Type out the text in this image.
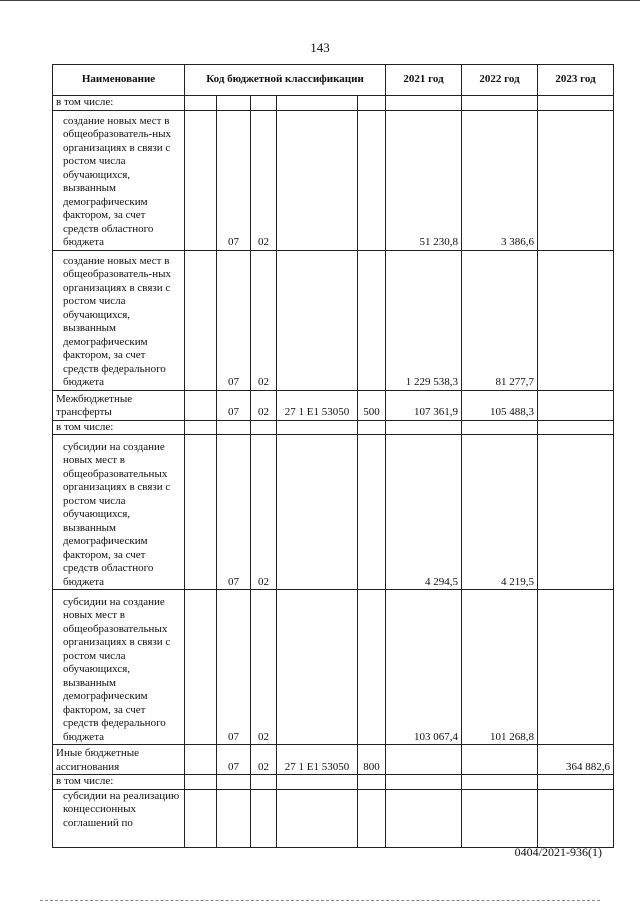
143
Наименование	Код бюджетной классификации					2021 год	2022 год	2023 год
в том числе:								
создание новых мест в общеобразователь-ных организациях в связи с ростом числа обучающихся, вызванным демографическим фактором, за счет средств областного бюджета		07	02			51 230,8	3 386,6	
создание новых мест в общеобразователь-ных организациях в связи с ростом числа обучающихся, вызванным демографическим фактором, за счет средств федерального бюджета		07	02			1 229 538,3	81 277,7	
Межбюджетные трансферты		07	02	27 1 E1 53050	500	107 361,9	105 488,3	
в том числе:								
субсидии на создание новых мест в общеобразовательных организациях в связи с ростом числа обучающихся, вызванным демографическим фактором, за счет средств областного бюджета		07	02			4 294,5	4 219,5	
субсидии на создание новых мест в общеобразовательных организациях в связи с ростом числа обучающихся, вызванным демографическим фактором, за счет средств федерального бюджета		07	02			103 067,4	101 268,8	
Иные бюджетные ассигнования		07	02	27 1 E1 53050	800			364 882,6
в том числе:								
субсидии на реализацию концессионных соглашений по								
0404/2021-936(1)
